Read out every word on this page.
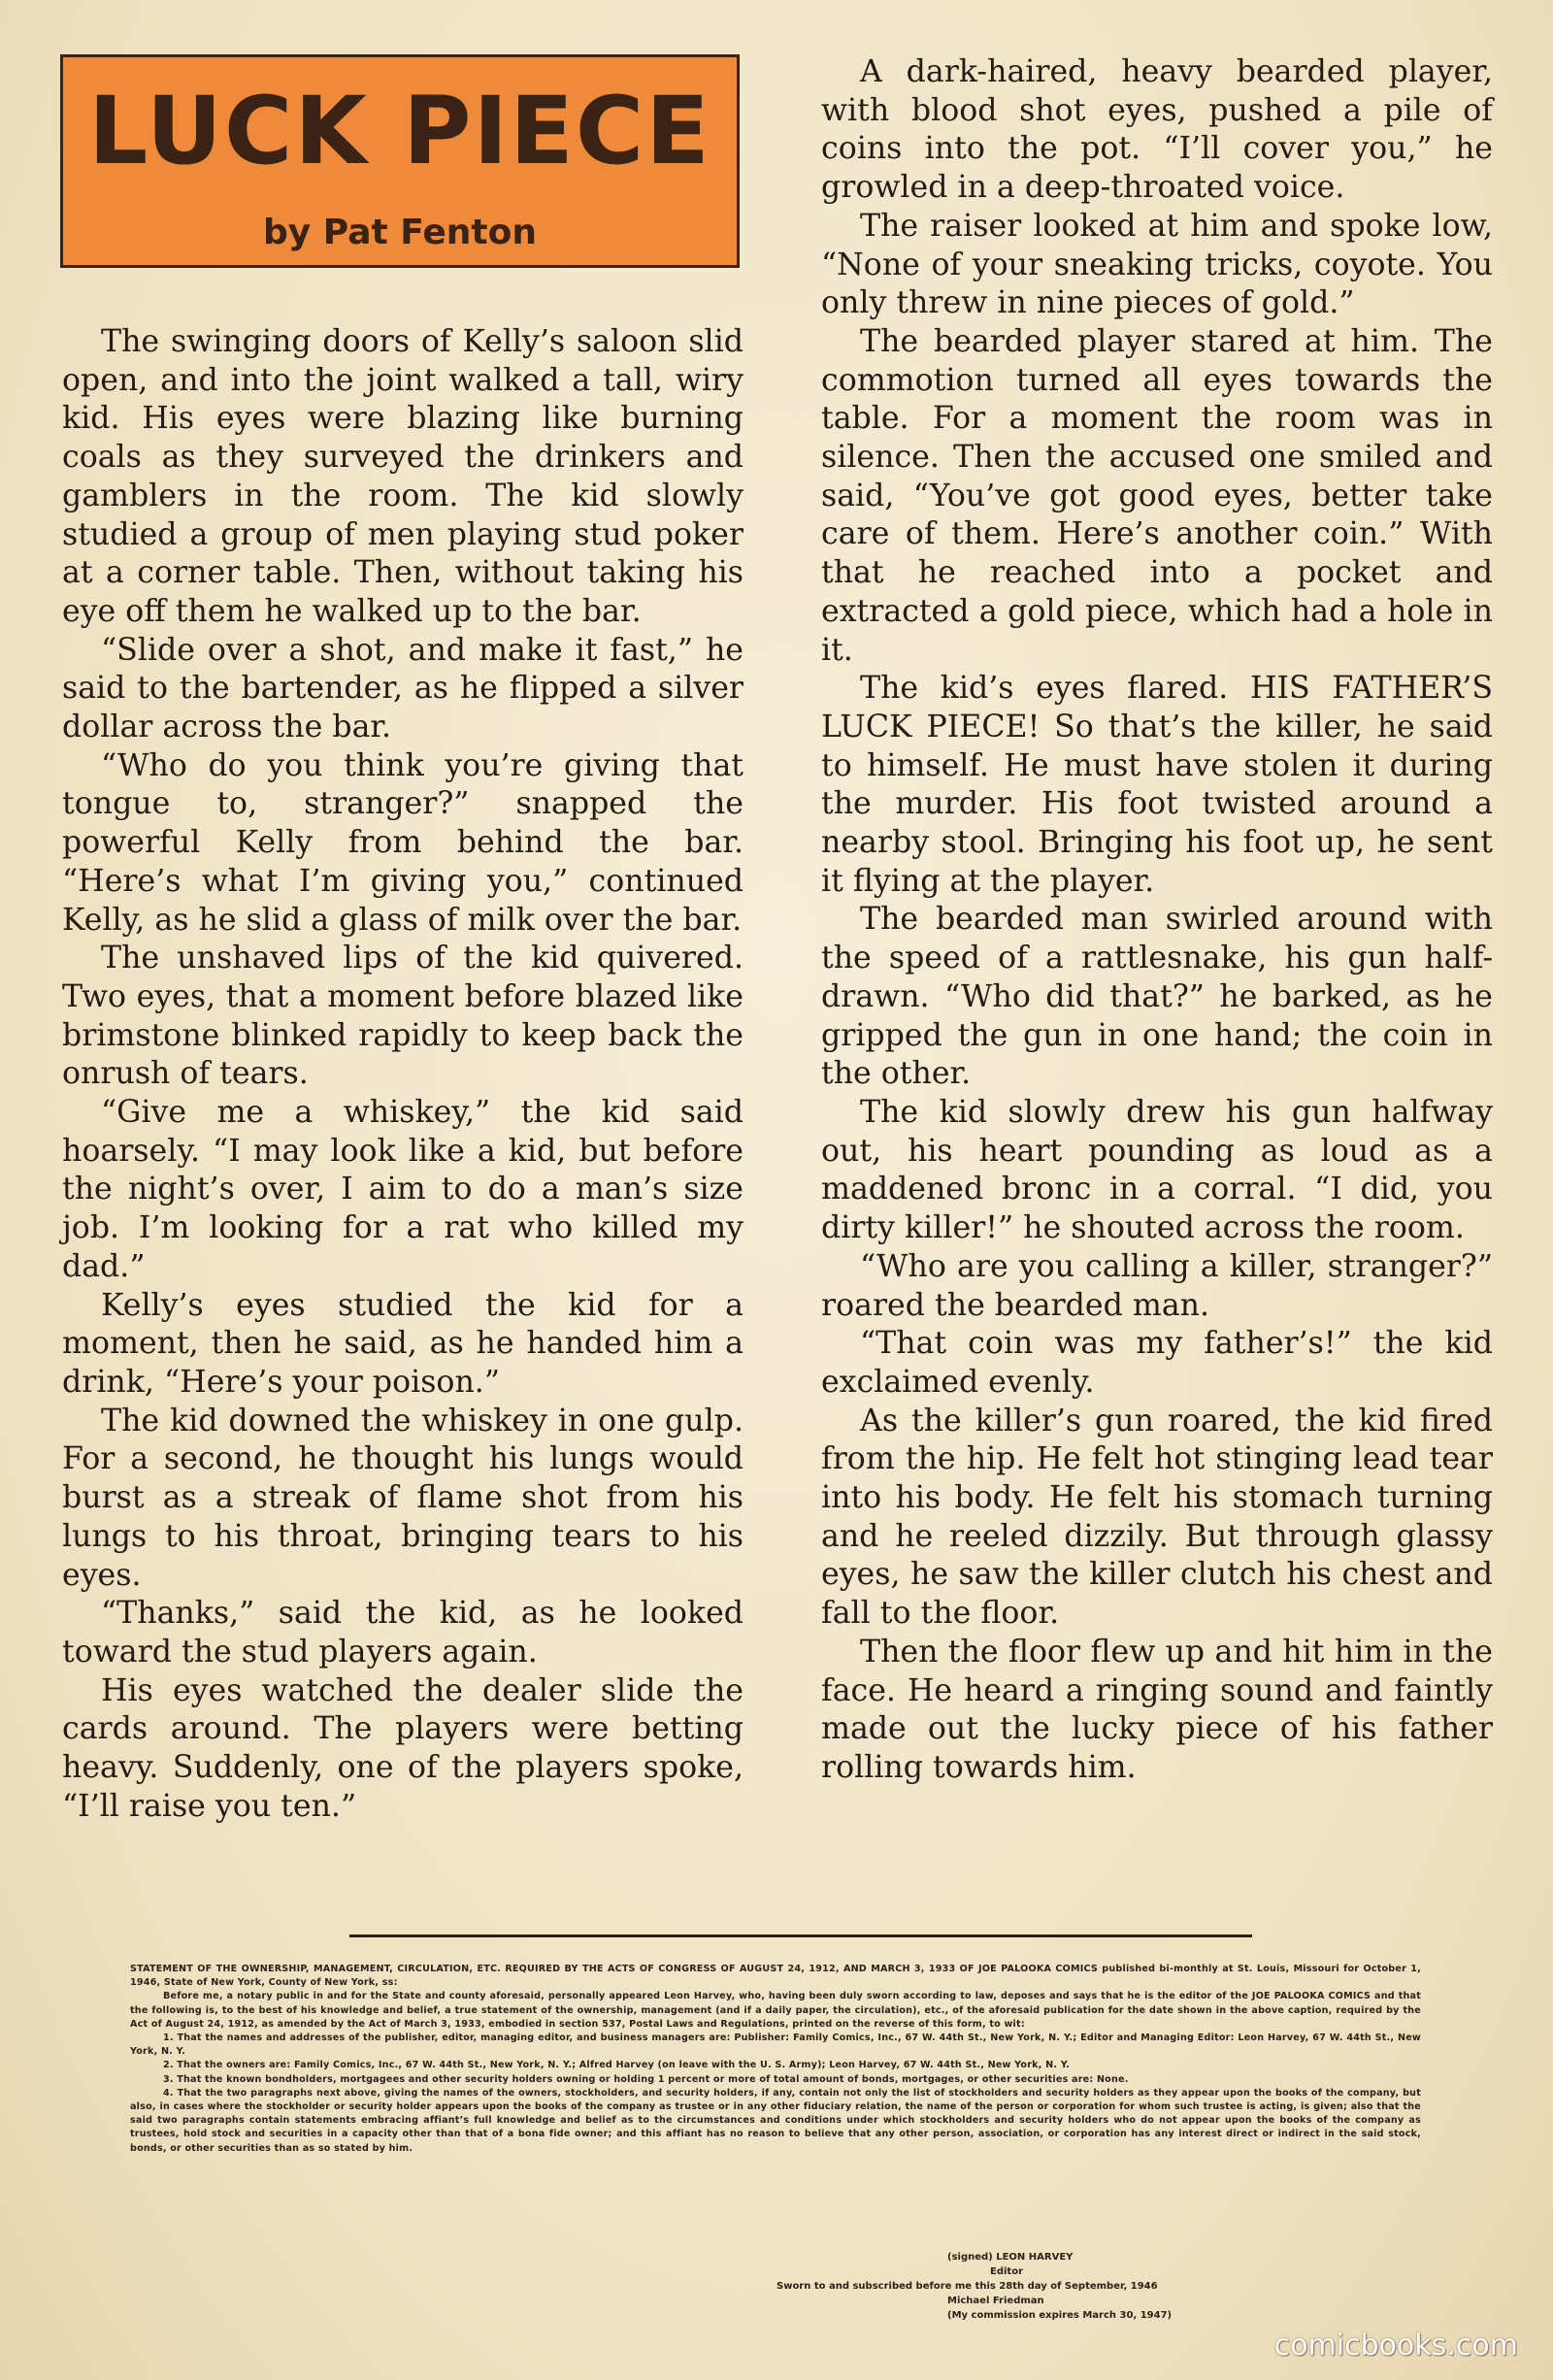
LUCK PIECE
by Pat Fenton

The swinging doors of Kelly’s saloon slid open, and into the joint walked a tall, wiry kid. His eyes were blazing like burning coals as they surveyed the drinkers and gamblers in the room. The kid slowly studied a group of men playing stud poker at a corner table. Then, without taking his eye off them he walked up to the bar.

“Slide over a shot, and make it fast,” he said to the bartender, as he flipped a silver dollar across the bar.

“Who do you think you’re giving that tongue to, stranger?” snapped the powerful Kelly from behind the bar. “Here’s what I’m giving you,” continued Kelly, as he slid a glass of milk over the bar.

The unshaved lips of the kid quivered. Two eyes, that a moment before blazed like brimstone blinked rapidly to keep back the onrush of tears.

“Give me a whiskey,” the kid said hoarsely. “I may look like a kid, but before the night’s over, I aim to do a man’s size job. I’m looking for a rat who killed my dad.”

Kelly’s eyes studied the kid for a moment, then he said, as he handed him a drink, “Here’s your poison.”

The kid downed the whiskey in one gulp. For a second, he thought his lungs would burst as a streak of flame shot from his lungs to his throat, bringing tears to his eyes.

“Thanks,” said the kid, as he looked toward the stud players again.

His eyes watched the dealer slide the cards around. The players were betting heavy. Suddenly, one of the players spoke, “I’ll raise you ten.”

A dark-haired, heavy bearded player, with blood shot eyes, pushed a pile of coins into the pot. “I’ll cover you,” he growled in a deep-throated voice.

The raiser looked at him and spoke low, “None of your sneaking tricks, coyote. You only threw in nine pieces of gold.”

The bearded player stared at him. The commotion turned all eyes towards the table. For a moment the room was in silence. Then the accused one smiled and said, “You’ve got good eyes, better take care of them. Here’s another coin.” With that he reached into a pocket and extracted a gold piece, which had a hole in it.

The kid’s eyes flared. HIS FATHER’S LUCK PIECE! So that’s the killer, he said to himself. He must have stolen it during the murder. His foot twisted around a nearby stool. Bringing his foot up, he sent it flying at the player.

The bearded man swirled around with the speed of a rattlesnake, his gun half-drawn. “Who did that?” he barked, as he gripped the gun in one hand; the coin in the other.

The kid slowly drew his gun halfway out, his heart pounding as loud as a maddened bronc in a corral. “I did, you dirty killer!” he shouted across the room.

“Who are you calling a killer, stranger?” roared the bearded man.

“That coin was my father’s!” the kid exclaimed evenly.

As the killer’s gun roared, the kid fired from the hip. He felt hot stinging lead tear into his body. He felt his stomach turning and he reeled dizzily. But through glassy eyes, he saw the killer clutch his chest and fall to the floor.

Then the floor flew up and hit him in the face. He heard a ringing sound and faintly made out the lucky piece of his father rolling towards him.

STATEMENT OF THE OWNERSHIP, MANAGEMENT, CIRCULATION, ETC. REQUIRED BY THE ACTS OF CONGRESS OF AUGUST 24, 1912, AND MARCH 3, 1933 OF JOE PALOOKA COMICS published bi-monthly at St. Louis, Missouri for October 1, 1946, State of New York, County of New York, ss:

Before me, a notary public in and for the State and county aforesaid, personally appeared Leon Harvey, who, having been duly sworn according to law, deposes and says that he is the editor of the JOE PALOOKA COMICS and that the following is, to the best of his knowledge and belief, a true statement of the ownership, management (and if a daily paper, the circulation), etc., of the aforesaid publication for the date shown in the above caption, required by the Act of August 24, 1912, as amended by the Act of March 3, 1933, embodied in section 537, Postal Laws and Regulations, printed on the reverse of this form, to wit:

1. That the names and addresses of the publisher, editor, managing editor, and business managers are: Publisher: Family Comics, Inc., 67 W. 44th St., New York, N. Y.; Editor and Managing Editor: Leon Harvey, 67 W. 44th St., New York, N. Y.

2. That the owners are: Family Comics, Inc., 67 W. 44th St., New York, N. Y.; Alfred Harvey (on leave with the U. S. Army); Leon Harvey, 67 W. 44th St., New York, N. Y.

3. That the known bondholders, mortgagees and other security holders owning or holding 1 percent or more of total amount of bonds, mortgages, or other securities are: None.

4. That the two paragraphs next above, giving the names of the owners, stockholders, and security holders, if any, contain not only the list of stockholders and security holders as they appear upon the books of the company, but also, in cases where the stockholder or security holder appears upon the books of the company as trustee or in any other fiduciary relation, the name of the person or corporation for whom such trustee is acting, is given; also that the said two paragraphs contain statements embracing affiant’s full knowledge and belief as to the circumstances and conditions under which stockholders and security holders who do not appear upon the books of the company as trustees, hold stock and securities in a capacity other than that of a bona fide owner; and this affiant has no reason to believe that any other person, association, or corporation has any interest direct or indirect in the said stock, bonds, or other securities than as so stated by him.

(signed) LEON HARVEY
Editor
Sworn to and subscribed before me this 28th day of September, 1946
Michael Friedman
(My commission expires March 30, 1947)
comicbooks.com
